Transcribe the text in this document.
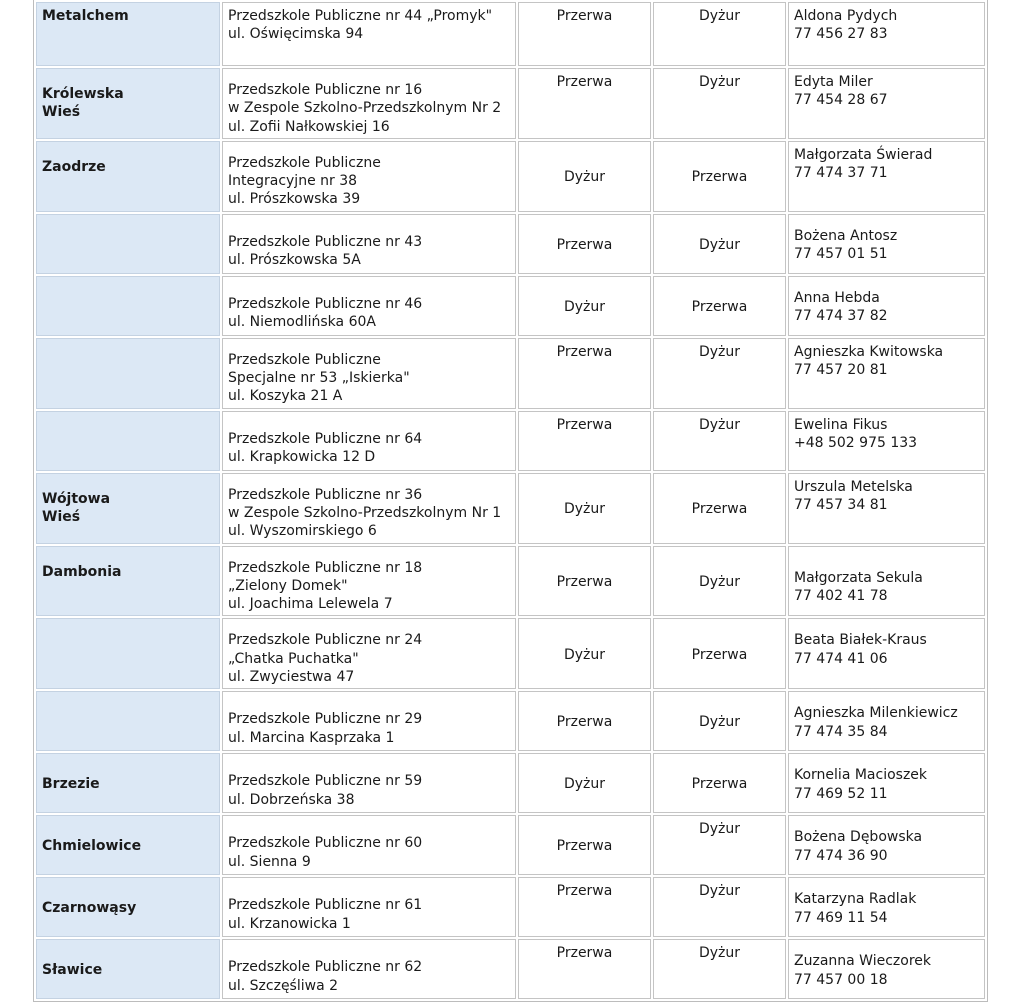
Metalchem	Przedszkole Publiczne nr 44 „Promyk"
ul. Oświęcimska 94	Przerwa	Dyżur	Aldona Pydych
77 456 27 83

Królewska Wieś	Przedszkole Publiczne nr 16
w Zespole Szkolno-Przedszkolnym Nr 2
ul. Zofii Nałkowskiej 16	Przerwa	Dyżur	Edyta Miler
77 454 28 67

Zaodrze	Przedszkole Publiczne
Integracyjne nr 38
ul. Prószkowska 39	Dyżur	Przerwa	Małgorzata Świerad
77 474 37 71

	Przedszkole Publiczne nr 43
ul. Prószkowska 5A	Przerwa	Dyżur	Bożena Antosz
77 457 01 51

	Przedszkole Publiczne nr 46
ul. Niemodlińska 60A	Dyżur	Przerwa	Anna Hebda
77 474 37 82

	Przedszkole Publiczne
Specjalne nr 53 „Iskierka"
ul. Koszyka 21 A	Przerwa	Dyżur	Agnieszka Kwitowska
77 457 20 81

	Przedszkole Publiczne nr 64
ul. Krapkowicka 12 D	Przerwa	Dyżur	Ewelina Fikus
+48 502 975 133

Wójtowa Wieś	Przedszkole Publiczne nr 36
w Zespole Szkolno-Przedszkolnym Nr 1
ul. Wyszomirskiego 6	Dyżur	Przerwa	Urszula Metelska
77 457 34 81

Dambonia	Przedszkole Publiczne nr 18
„Zielony Domek"
ul. Joachima Lelewela 7	Przerwa	Dyżur	Małgorzata Sekula
77 402 41 78

	Przedszkole Publiczne nr 24
„Chatka Puchatka"
ul. Zwyciestwa 47	Dyżur	Przerwa	Beata Białek-Kraus
77 474 41 06

	Przedszkole Publiczne nr 29
ul. Marcina Kasprzaka 1	Przerwa	Dyżur	Agnieszka Milenkiewicz
77 474 35 84

Brzezie	Przedszkole Publiczne nr 59
ul. Dobrzeńska 38	Dyżur	Przerwa	Kornelia Macioszek
77 469 52 11

Chmielowice	Przedszkole Publiczne nr 60
ul. Sienna 9	Przerwa	Dyżur	Bożena Dębowska
77 474 36 90

Czarnowąsy	Przedszkole Publiczne nr 61
ul. Krzanowicka 1	Przerwa	Dyżur	Katarzyna Radlak
77 469 11 54

Sławice	Przedszkole Publiczne nr 62
ul. Szczęśliwa 2	Przerwa	Dyżur	Zuzanna Wieczorek
77 457 00 18
